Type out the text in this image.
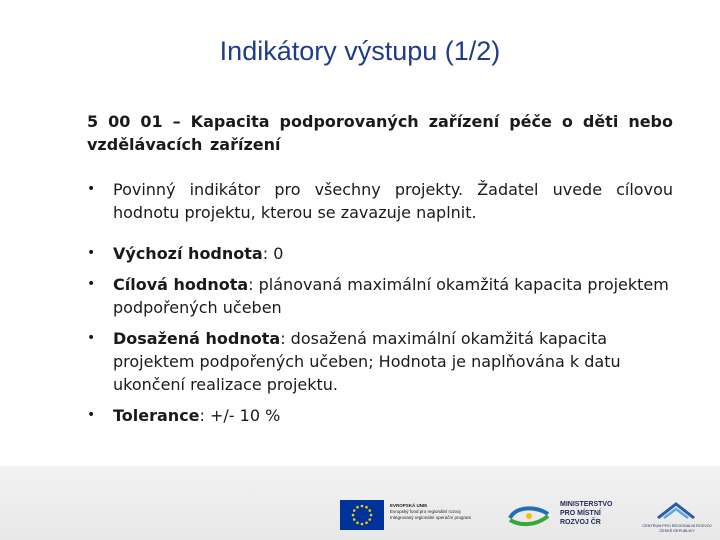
Indikátory výstupu (1/2)

5 00 01 – Kapacita podporovaných zařízení péče o děti nebo vzdělávacích zařízení

•	Povinný indikátor pro všechny projekty. Žadatel uvede cílovou hodnotu projektu, kterou se zavazuje naplnit.
•	Výchozí hodnota: 0
•	Cílová hodnota: plánovaná maximální okamžitá kapacita projektem podpořených učeben
•	Dosažená hodnota: dosažená maximální okamžitá kapacita projektem podpořených učeben; Hodnota je naplňována k datu ukončení realizace projektu.
•	Tolerance: +/- 10 %
EVROPSKÁ UNIE
Evropský fond pro regionální rozvoj
Integrovaný regionální operační program
MINISTERSTVO
PRO MÍSTNÍ
ROZVOJ ČR	CENTRUM PRO REGIONÁLNÍ ROZVOJ ČESKÉ REPUBLIKY
